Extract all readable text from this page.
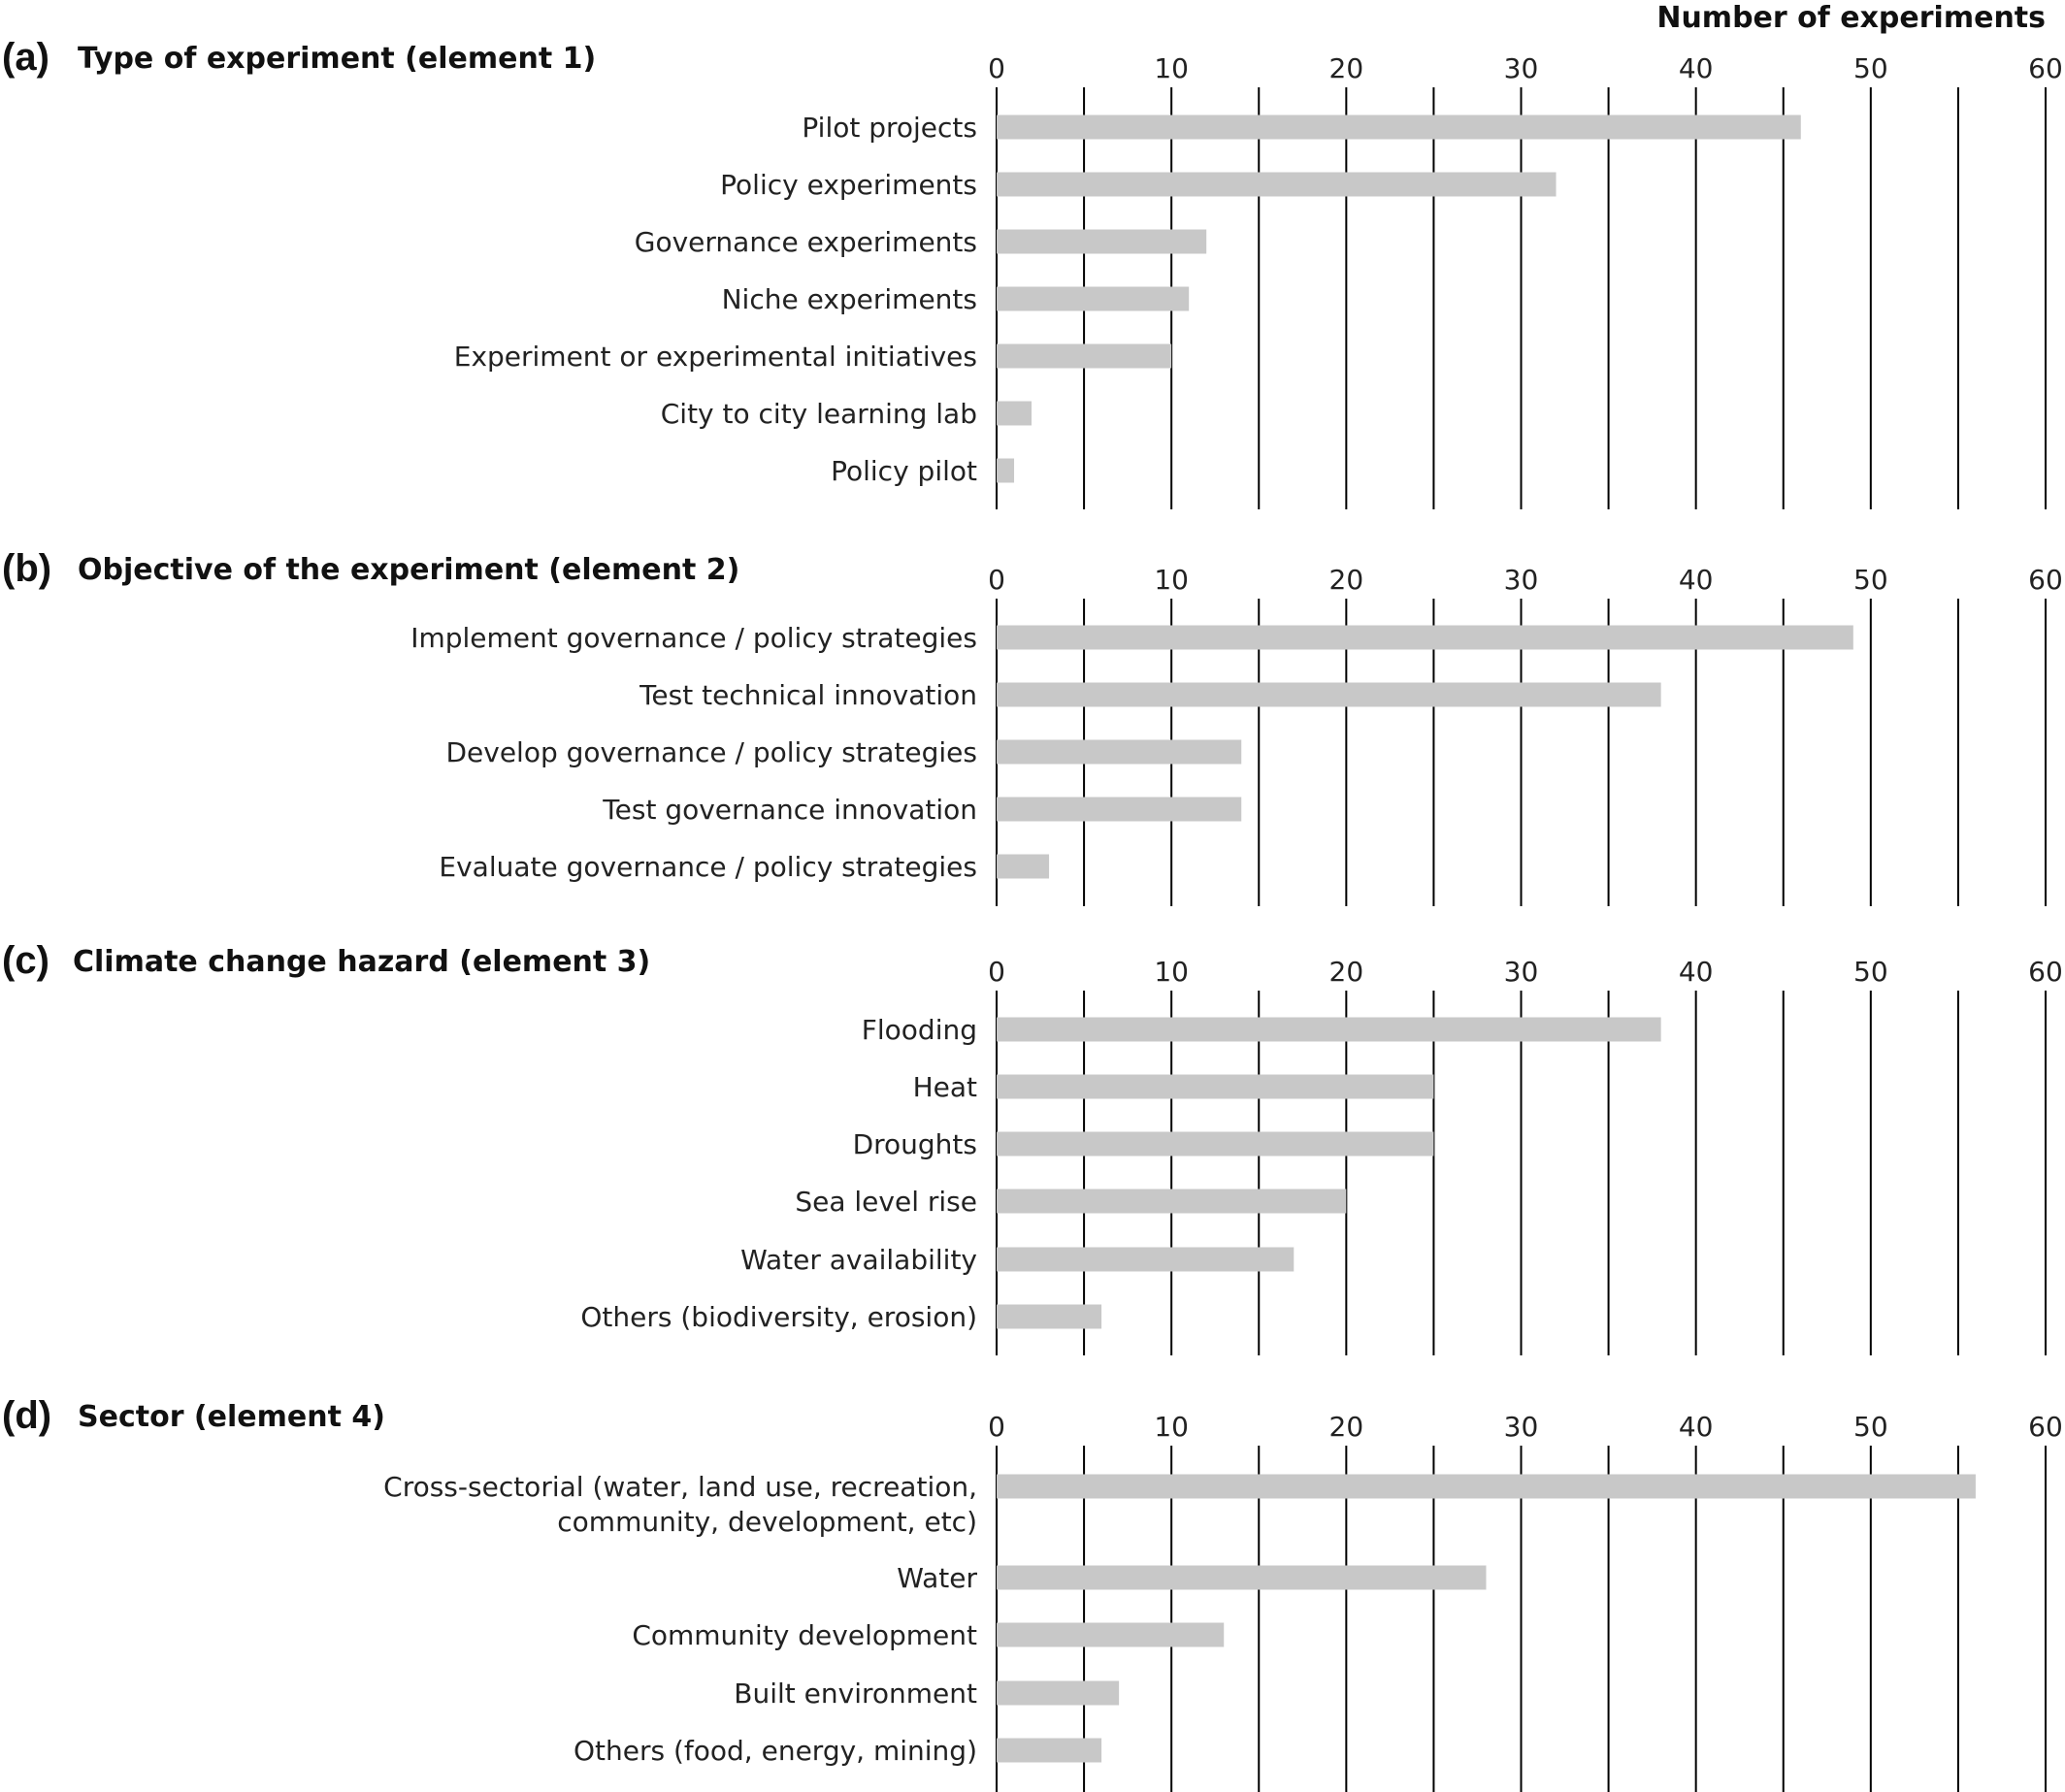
Number of experiments
(a) Type of experiment (element 1)	0	10	20	30	40	50	60
Pilot projects
Policy experiments
Governance experiments
Niche experiments
Experiment or experimental initiatives
City to city learning lab
Policy pilot
(b) Objective of the experiment (element 2)	0	10	20	30	40	50	60
Implement governance / policy strategies
Test technical innovation
Develop governance / policy strategies
Test governance innovation
Evaluate governance / policy strategies
(c) Climate change hazard (element 3)	0	10	20	30	40	50	60
Flooding
Heat
Droughts
Sea level rise
Water availability
Others (biodiversity, erosion)
(d) Sector (element 4)	0	10	20	30	40	50	60
Cross-sectorial (water, land use, recreation, community, development, etc)
Water
Community development
Built environment
Others (food, energy, mining)
